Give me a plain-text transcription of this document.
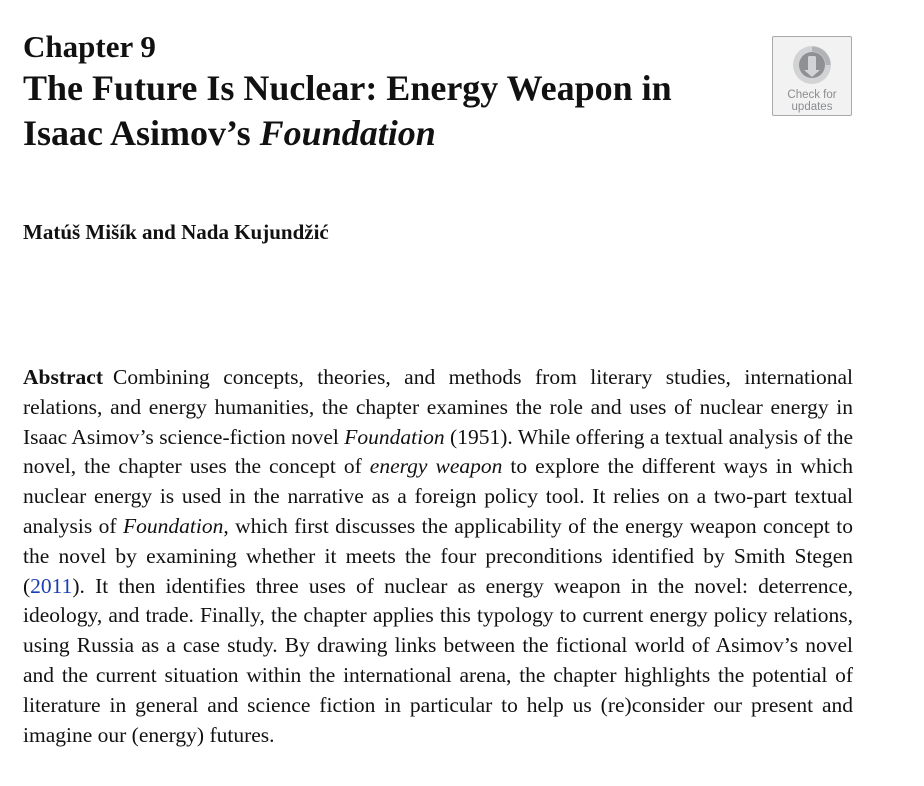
Chapter 9
The Future Is Nuclear: Energy Weapon in Isaac Asimov’s Foundation

Matúš Mišík and Nada Kujundžić

Abstract Combining concepts, theories, and methods from literary studies, international relations, and energy humanities, the chapter examines the role and uses of nuclear energy in Isaac Asimov’s science-fiction novel Foundation (1951). While offering a textual analysis of the novel, the chapter uses the concept of energy weapon to explore the different ways in which nuclear energy is used in the narrative as a foreign policy tool. It relies on a two-part textual analysis of Foundation, which first discusses the applicability of the energy weapon concept to the novel by examining whether it meets the four preconditions identified by Smith Stegen (2011). It then identifies three uses of nuclear as energy weapon in the novel: deterrence, ideology, and trade. Finally, the chapter applies this typology to current energy policy relations, using Russia as a case study. By drawing links between the fictional world of Asimov’s novel and the current situation within the international arena, the chapter highlights the potential of literature in general and science fiction in particular to help us (re)consider our present and imagine our (energy) futures.
Check for
updates
